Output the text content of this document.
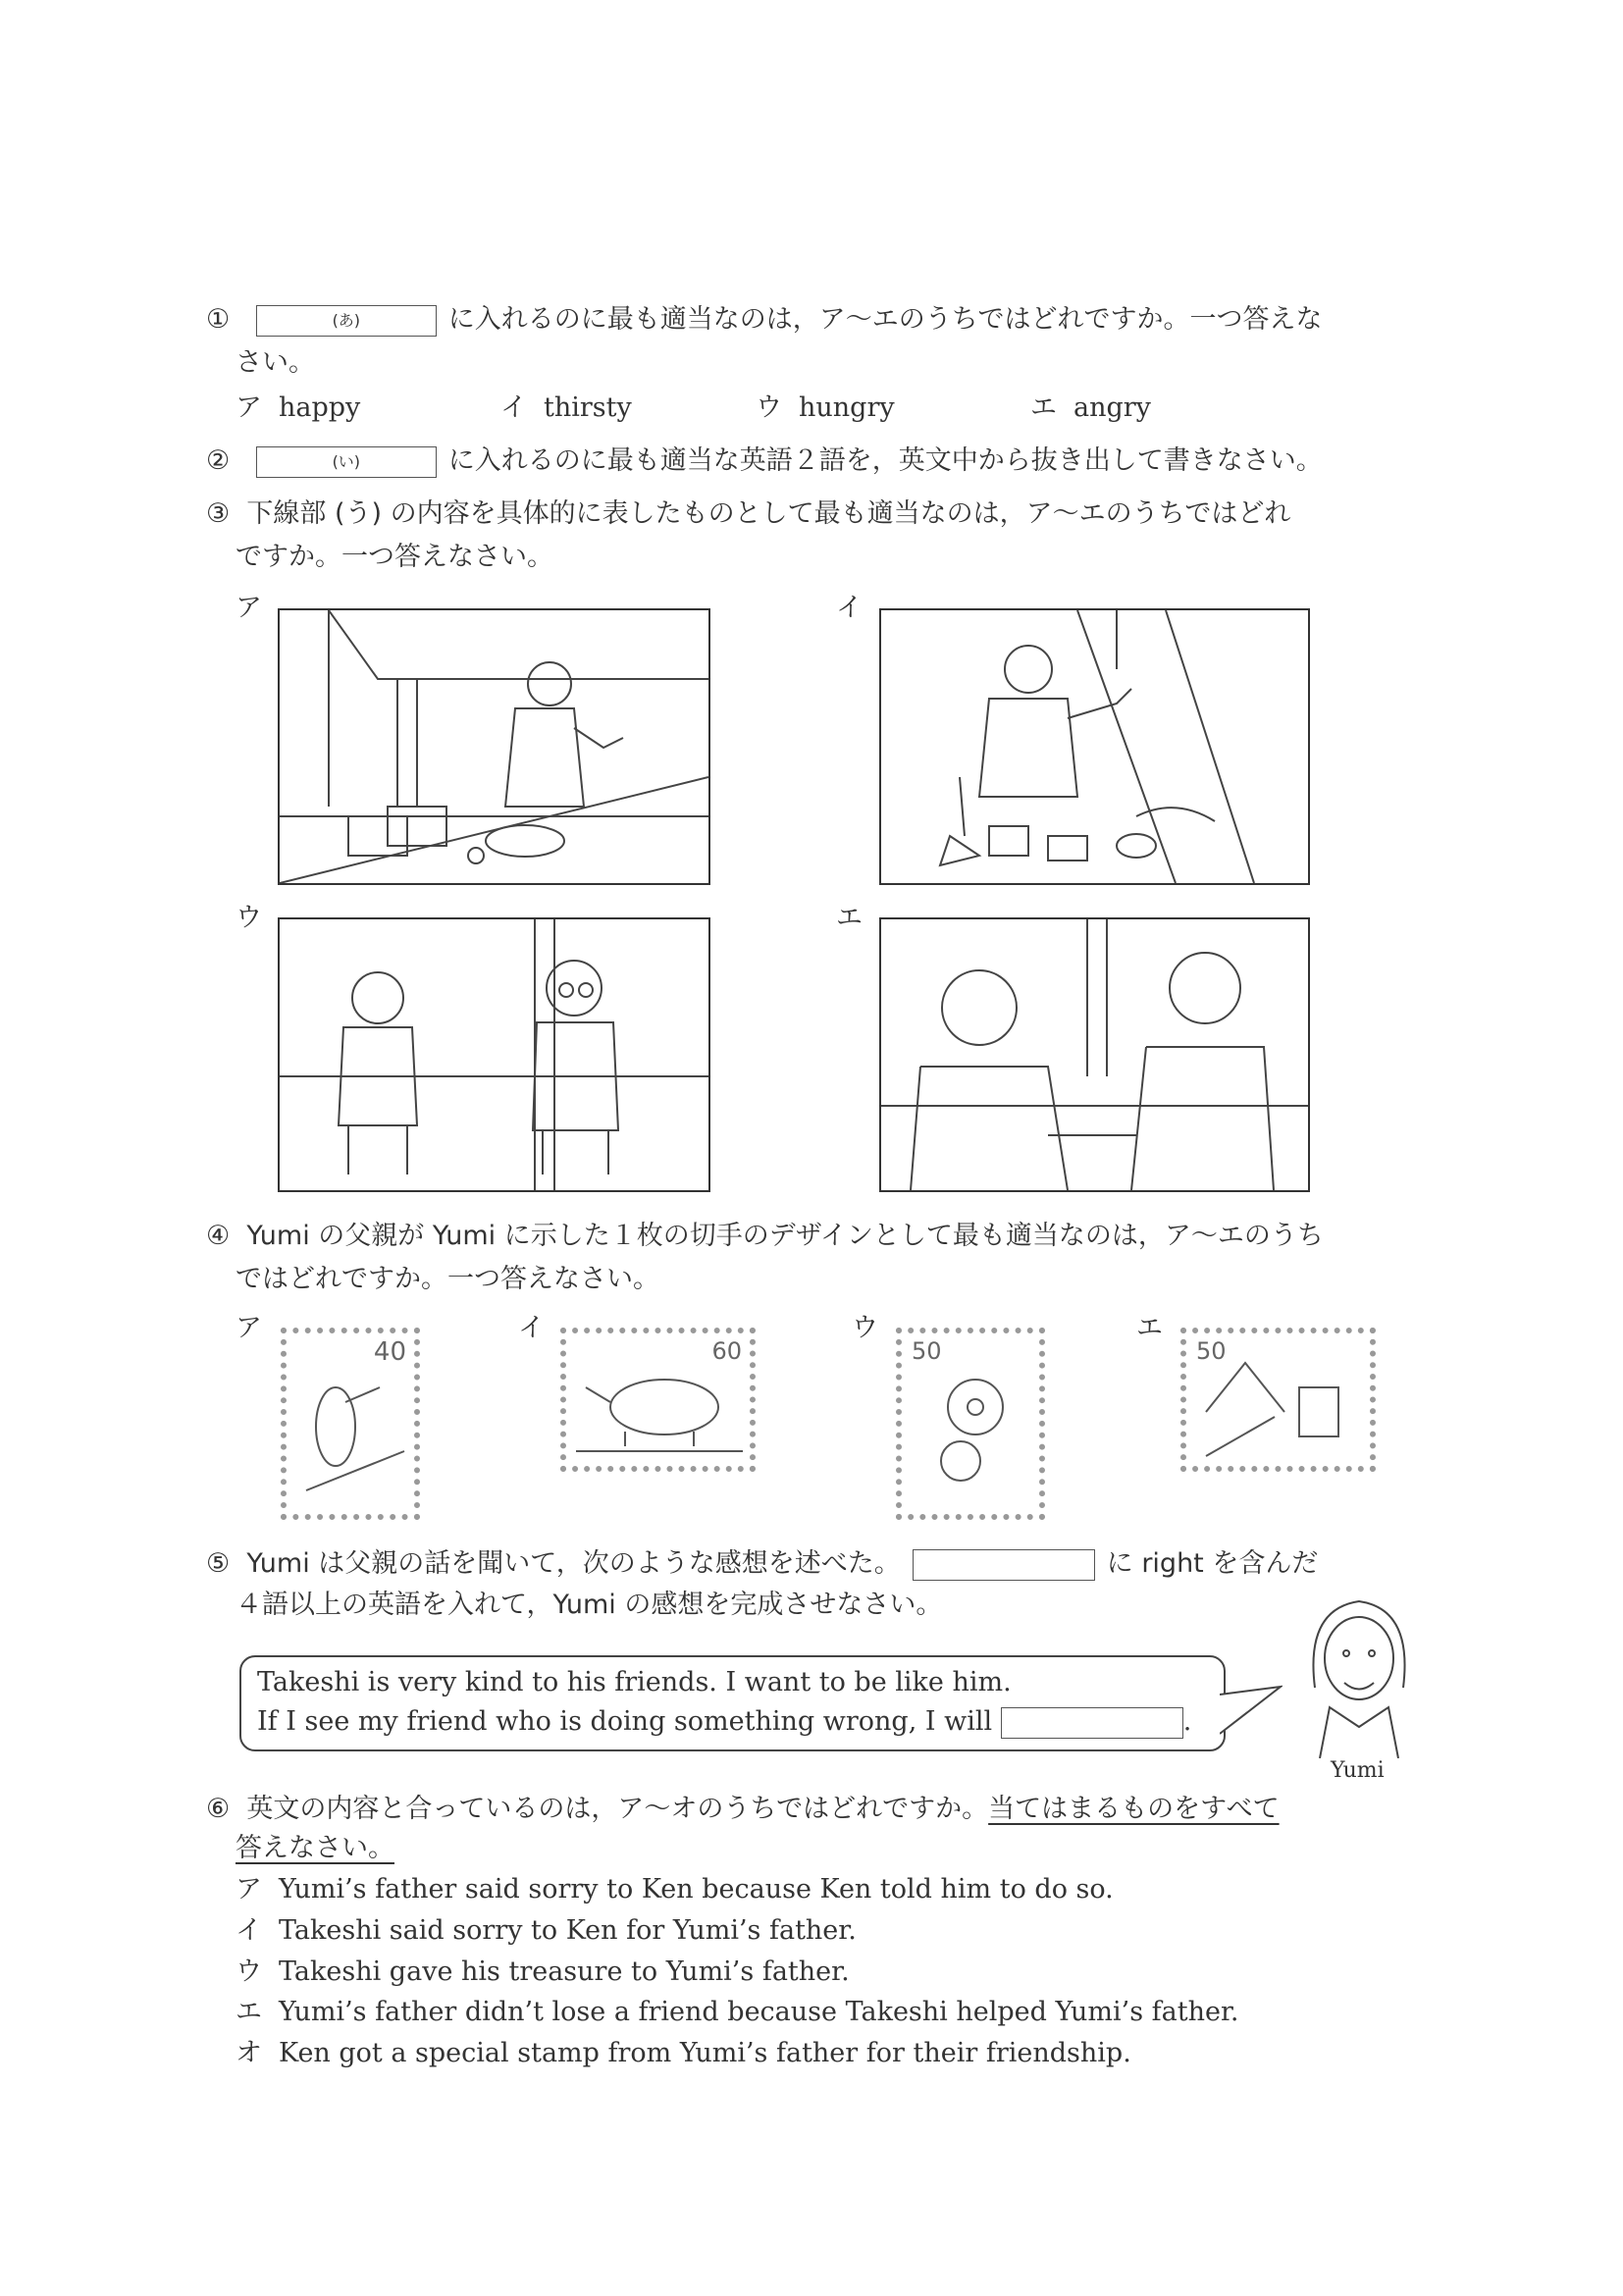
①	(あ)	に入れるのに最も適当なのは，ア～エのうちではどれですか。一つ答えな
さい。
ア happy	イ thirsty	ウ hungry	エ angry
②	(い)	に入れるのに最も適当な英語２語を，英文中から抜き出して書きなさい。
③ 下線部 (う) の内容を具体的に表したものとして最も適当なのは，ア～エのうちではどれ
ですか。一つ答えなさい。
ア	イ
ウ	エ
④ Yumi の父親が Yumi に示した１枚の切手のデザインとして最も適当なのは，ア～エのうち
ではどれですか。一つ答えなさい。
ア	イ	ウ	エ
40	60	50	50
⑤ Yumi は父親の話を聞いて，次のような感想を述べた。	に right を含んだ
４語以上の英語を入れて，Yumi の感想を完成させなさい。
Takeshi is very kind to his friends. I want to be like him.
If I see my friend who is doing something wrong, I will	.
Yumi
⑥ 英文の内容と合っているのは，ア～オのうちではどれですか。当てはまるものをすべて
答えなさい。
ア Yumi’s father said sorry to Ken because Ken told him to do so.
イ Takeshi said sorry to Ken for Yumi’s father.
ウ Takeshi gave his treasure to Yumi’s father.
エ Yumi’s father didn’t lose a friend because Takeshi helped Yumi’s father.
オ Ken got a special stamp from Yumi’s father for their friendship.
